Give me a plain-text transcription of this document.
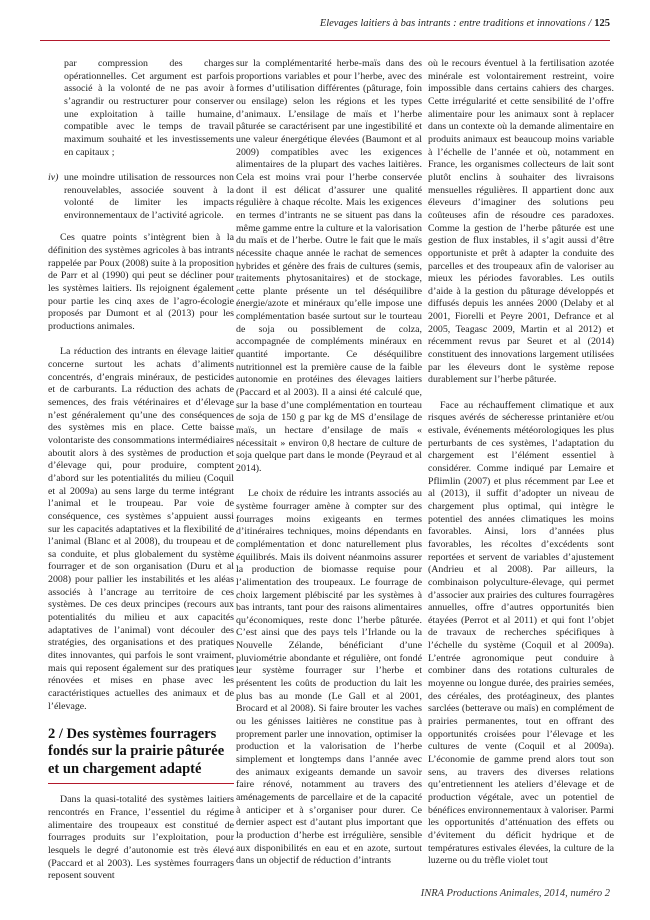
Elevages laitiers à bas intrants : entre traditions et innovations / 125

par compression des charges opérationnelles. Cet argument est parfois associé à la volonté de ne pas avoir à s’agrandir ou restructurer pour conserver une exploitation à taille humaine, compatible avec le temps de travail maximum souhaité et les investissements en capitaux ;

iv) une moindre utilisation de ressources non renouvelables, associée souvent à la volonté de limiter les impacts environnementaux de l’activité agricole.

Ces quatre points s’intègrent bien à la définition des systèmes agricoles à bas intrants rappelée par Poux (2008) suite à la proposition de Parr et al (1990) qui peut se décliner pour les systèmes laitiers. Ils rejoignent également pour partie les cinq axes de l’agro-écologie proposés par Dumont et al (2013) pour les productions animales.

La réduction des intrants en élevage laitier concerne surtout les achats d’aliments concentrés, d’engrais minéraux, de pesticides et de carburants. La réduction des achats de semences, des frais vétérinaires et d’élevage n’est généralement qu’une des conséquences des systèmes mis en place. Cette baisse volontariste des consommations intermédiaires aboutit alors à des systèmes de production et d’élevage qui, pour produire, comptent d’abord sur les potentialités du milieu (Coquil et al 2009a) au sens large du terme intégrant l’animal et le troupeau. Par voie de conséquence, ces systèmes s’appuient aussi sur les capacités adaptatives et la flexibilité de l’animal (Blanc et al 2008), du troupeau et de sa conduite, et plus globalement du système fourrager et de son organisation (Duru et al 2008) pour pallier les instabilités et les aléas associés à l’ancrage au territoire de ces systèmes. De ces deux principes (recours aux potentialités du milieu et aux capacités adaptatives de l’animal) vont découler des stratégies, des organisations et des pratiques dites innovantes, qui parfois le sont vraiment, mais qui reposent également sur des pratiques rénovées et mises en phase avec les caractéristiques actuelles des animaux et de l’élevage.

2 / Des systèmes fourragers fondés sur la prairie pâturée et un chargement adapté

Dans la quasi-totalité des systèmes laitiers rencontrés en France, l’essentiel du régime alimentaire des troupeaux est constitué de fourrages produits sur l’exploitation, pour lesquels le degré d’autonomie est très élevé (Paccard et al 2003). Les systèmes fourragers reposent souvent

sur la complémentarité herbe-maïs dans des proportions variables et pour l’herbe, avec des formes d’utilisation différentes (pâturage, foin ou ensilage) selon les régions et les types d’animaux. L’ensilage de maïs et l’herbe pâturée se caractérisent par une ingestibilité et une valeur énergétique élevées (Baumont et al 2009) compatibles avec les exigences alimentaires de la plupart des vaches laitières. Cela est moins vrai pour l’herbe conservée dont il est délicat d’assurer une qualité régulière à chaque récolte. Mais les exigences en termes d’intrants ne se situent pas dans la même gamme entre la culture et la valorisation du maïs et de l’herbe. Outre le fait que le maïs nécessite chaque année le rachat de semences hybrides et génère des frais de cultures (semis, traitements phytosanitaires) et de stockage, cette plante présente un tel déséquilibre énergie/azote et minéraux qu’elle impose une complémentation basée surtout sur le tourteau de soja ou possiblement de colza, accompagnée de compléments minéraux en quantité importante. Ce déséquilibre nutritionnel est la première cause de la faible autonomie en protéines des élevages laitiers (Paccard et al 2003). Il a ainsi été calculé que, sur la base d’une complémentation en tourteau de soja de 150 g par kg de MS d’ensilage de maïs, un hectare d’ensilage de maïs « nécessitait » environ 0,8 hectare de culture de soja quelque part dans le monde (Peyraud et al 2014).

Le choix de réduire les intrants associés au système fourrager amène à compter sur des fourrages moins exigeants en termes d’itinéraires techniques, moins dépendants en complémentation et donc naturellement plus équilibrés. Mais ils doivent néanmoins assurer la production de biomasse requise pour l’alimentation des troupeaux. Le fourrage de choix largement plébiscité par les systèmes à bas intrants, tant pour des raisons alimentaires qu’économiques, reste donc l’herbe pâturée. C’est ainsi que des pays tels l’Irlande ou la Nouvelle Zélande, bénéficiant d’une pluviométrie abondante et régulière, ont fondé leur système fourrager sur l’herbe et présentent les coûts de production du lait les plus bas au monde (Le Gall et al 2001, Brocard et al 2008). Si faire brouter les vaches ou les génisses laitières ne constitue pas à proprement parler une innovation, optimiser la production et la valorisation de l’herbe simplement et longtemps dans l’année avec des animaux exigeants demande un savoir faire rénové, notamment au travers des aménagements de parcellaire et de la capacité à anticiper et à s’organiser pour durer. Ce dernier aspect est d’autant plus important que la production d’herbe est irrégulière, sensible aux disponibilités en eau et en azote, surtout dans un objectif de réduction d’intrants

où le recours éventuel à la fertilisation azotée minérale est volontairement restreint, voire impossible dans certains cahiers des charges. Cette irrégularité et cette sensibilité de l’offre alimentaire pour les animaux sont à replacer dans un contexte où la demande alimentaire en produits animaux est beaucoup moins variable à l’échelle de l’année et où, notamment en France, les organismes collecteurs de lait sont plutôt enclins à souhaiter des livraisons mensuelles régulières. Il appartient donc aux éleveurs d’imaginer des solutions peu coûteuses afin de résoudre ces paradoxes. Comme la gestion de l’herbe pâturée est une gestion de flux instables, il s’agit aussi d’être opportuniste et prêt à adapter la conduite des parcelles et des troupeaux afin de valoriser au mieux les périodes favorables. Les outils d’aide à la gestion du pâturage développés et diffusés depuis les années 2000 (Delaby et al 2001, Fiorelli et Peyre 2001, Defrance et al 2005, Teagasc 2009, Martin et al 2012) et récemment revus par Seuret et al (2014) constituent des innovations largement utilisées par les éleveurs dont le système repose durablement sur l’herbe pâturée.

Face au réchauffement climatique et aux risques avérés de sécheresse printanière et/ou estivale, événements météorologiques les plus perturbants de ces systèmes, l’adaptation du chargement est l’élément essentiel à considérer. Comme indiqué par Lemaire et Pflimlin (2007) et plus récemment par Lee et al (2013), il suffit d’adopter un niveau de chargement plus optimal, qui intègre le potentiel des années climatiques les moins favorables. Ainsi, lors d’années plus favorables, les récoltes d’excédents sont reportées et servent de variables d’ajustement (Andrieu et al 2008). Par ailleurs, la combinaison polyculture-élevage, qui permet d’associer aux prairies des cultures fourragères annuelles, offre d’autres opportunités bien étayées (Perrot et al 2011) et qui font l’objet de travaux de recherches spécifiques à l’échelle du système (Coquil et al 2009a). L’entrée agronomique peut conduire à combiner dans des rotations culturales de moyenne ou longue durée, des prairies semées, des céréales, des protéagineux, des plantes sarclées (betterave ou maïs) en complément de prairies permanentes, tout en offrant des opportunités croisées pour l’élevage et les cultures de vente (Coquil et al 2009a). L’économie de gamme prend alors tout son sens, au travers des diverses relations qu’entretiennent les ateliers d’élevage et de production végétale, avec un potentiel de bénéfices environnementaux à valoriser. Parmi les opportunités d’atténuation des effets ou d’évitement du déficit hydrique et de températures estivales élevées, la culture de la luzerne ou du trèfle violet tout

INRA Productions Animales, 2014, numéro 2
